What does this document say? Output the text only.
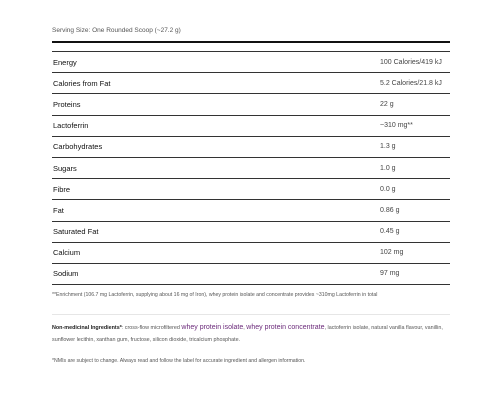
Serving Size: One Rounded Scoop (~27.2 g)
Energy	100 Calories/419 kJ
Calories from Fat	5.2 Calories/21.8 kJ
Proteins	22 g
Lactoferrin	~310 mg**
Carbohydrates	1.3 g
Sugars	1.0 g
Fibre	0.0 g
Fat	0.86 g
Saturated Fat	0.45 g
Calcium	102 mg
Sodium	97 mg
**Enrichment (106.7 mg Lactoferrin, supplying about 16 mg of Iron), whey protein isolate and concentrate provides ~310mg Lactoferrin in total
Non-medicinal Ingredients*: cross-flow microfiltered whey protein isolate, whey protein concentrate, lactoferrin isolate, natural vanilla flavour, vanillin, sunflower lecithin, xanthan gum, fructose, silicon dioxide, tricalcium phosphate.
*NMIs are subject to change. Always read and follow the label for accurate ingredient and allergen information.
